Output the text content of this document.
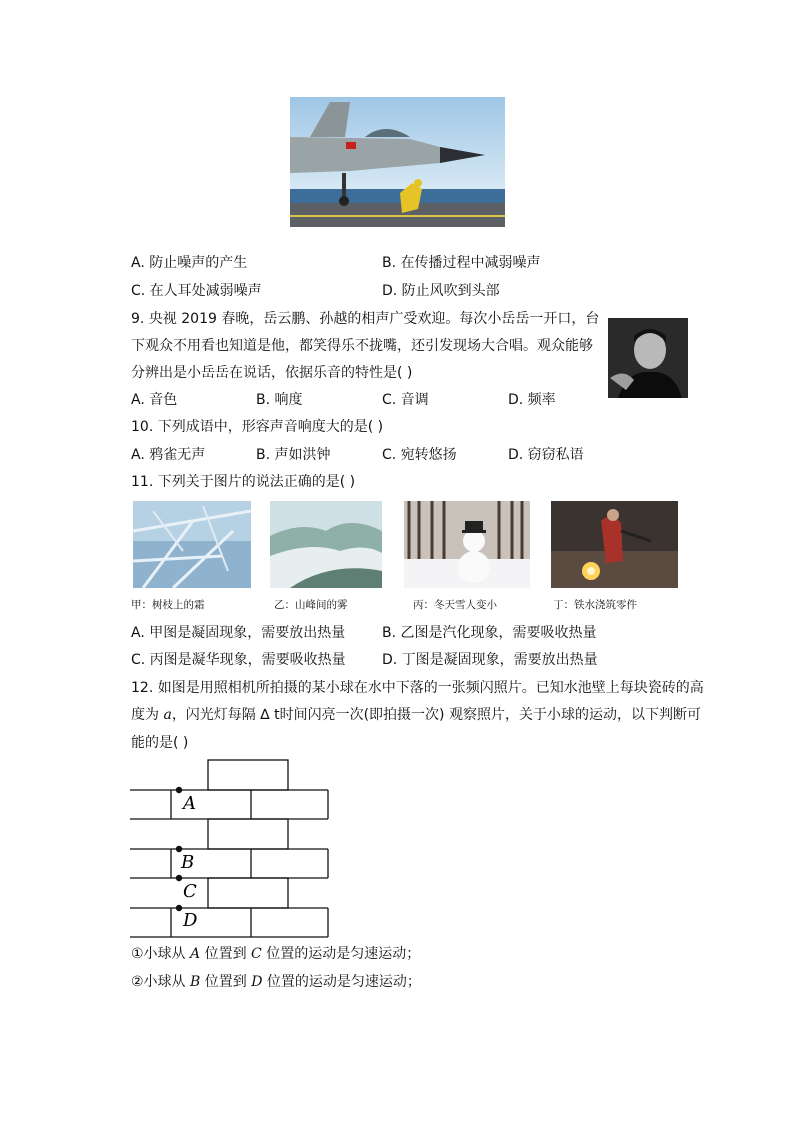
A. 防止噪声的产生	B. 在传播过程中减弱噪声
C. 在人耳处减弱噪声	D. 防止风吹到头部
9. 央视 2019 春晚，岳云鹏、孙越的相声广受欢迎。每次小岳岳一开口，台
下观众不用看也知道是他，都笑得乐不拢嘴，还引发现场大合唱。观众能够
分辨出是小岳岳在说话，依据乐音的特性是( )
A. 音色	B. 响度	C. 音调	D. 频率
10. 下列成语中，形容声音响度大的是( )
A. 鸦雀无声	B. 声如洪钟	C. 宛转悠扬	D. 窃窃私语
11. 下列关于图片的说法正确的是( )
甲：树枝上的霜	乙：山峰间的雾	丙：冬天雪人变小	丁：铁水浇筑零件
A. 甲图是凝固现象，需要放出热量	B. 乙图是汽化现象，需要吸收热量
C. 丙图是凝华现象，需要吸收热量	D. 丁图是凝固现象，需要放出热量
12. 如图是用照相机所拍摄的某小球在水中下落的一张频闪照片。已知水池壁上每块瓷砖的高
度为 a，闪光灯每隔 ∆ t时间闪亮一次(即拍摄一次) 观察照片，关于小球的运动，以下判断可
能的是( )
A
B
C
D
①小球从 A 位置到 C 位置的运动是匀速运动；
②小球从 B 位置到 D 位置的运动是匀速运动；
